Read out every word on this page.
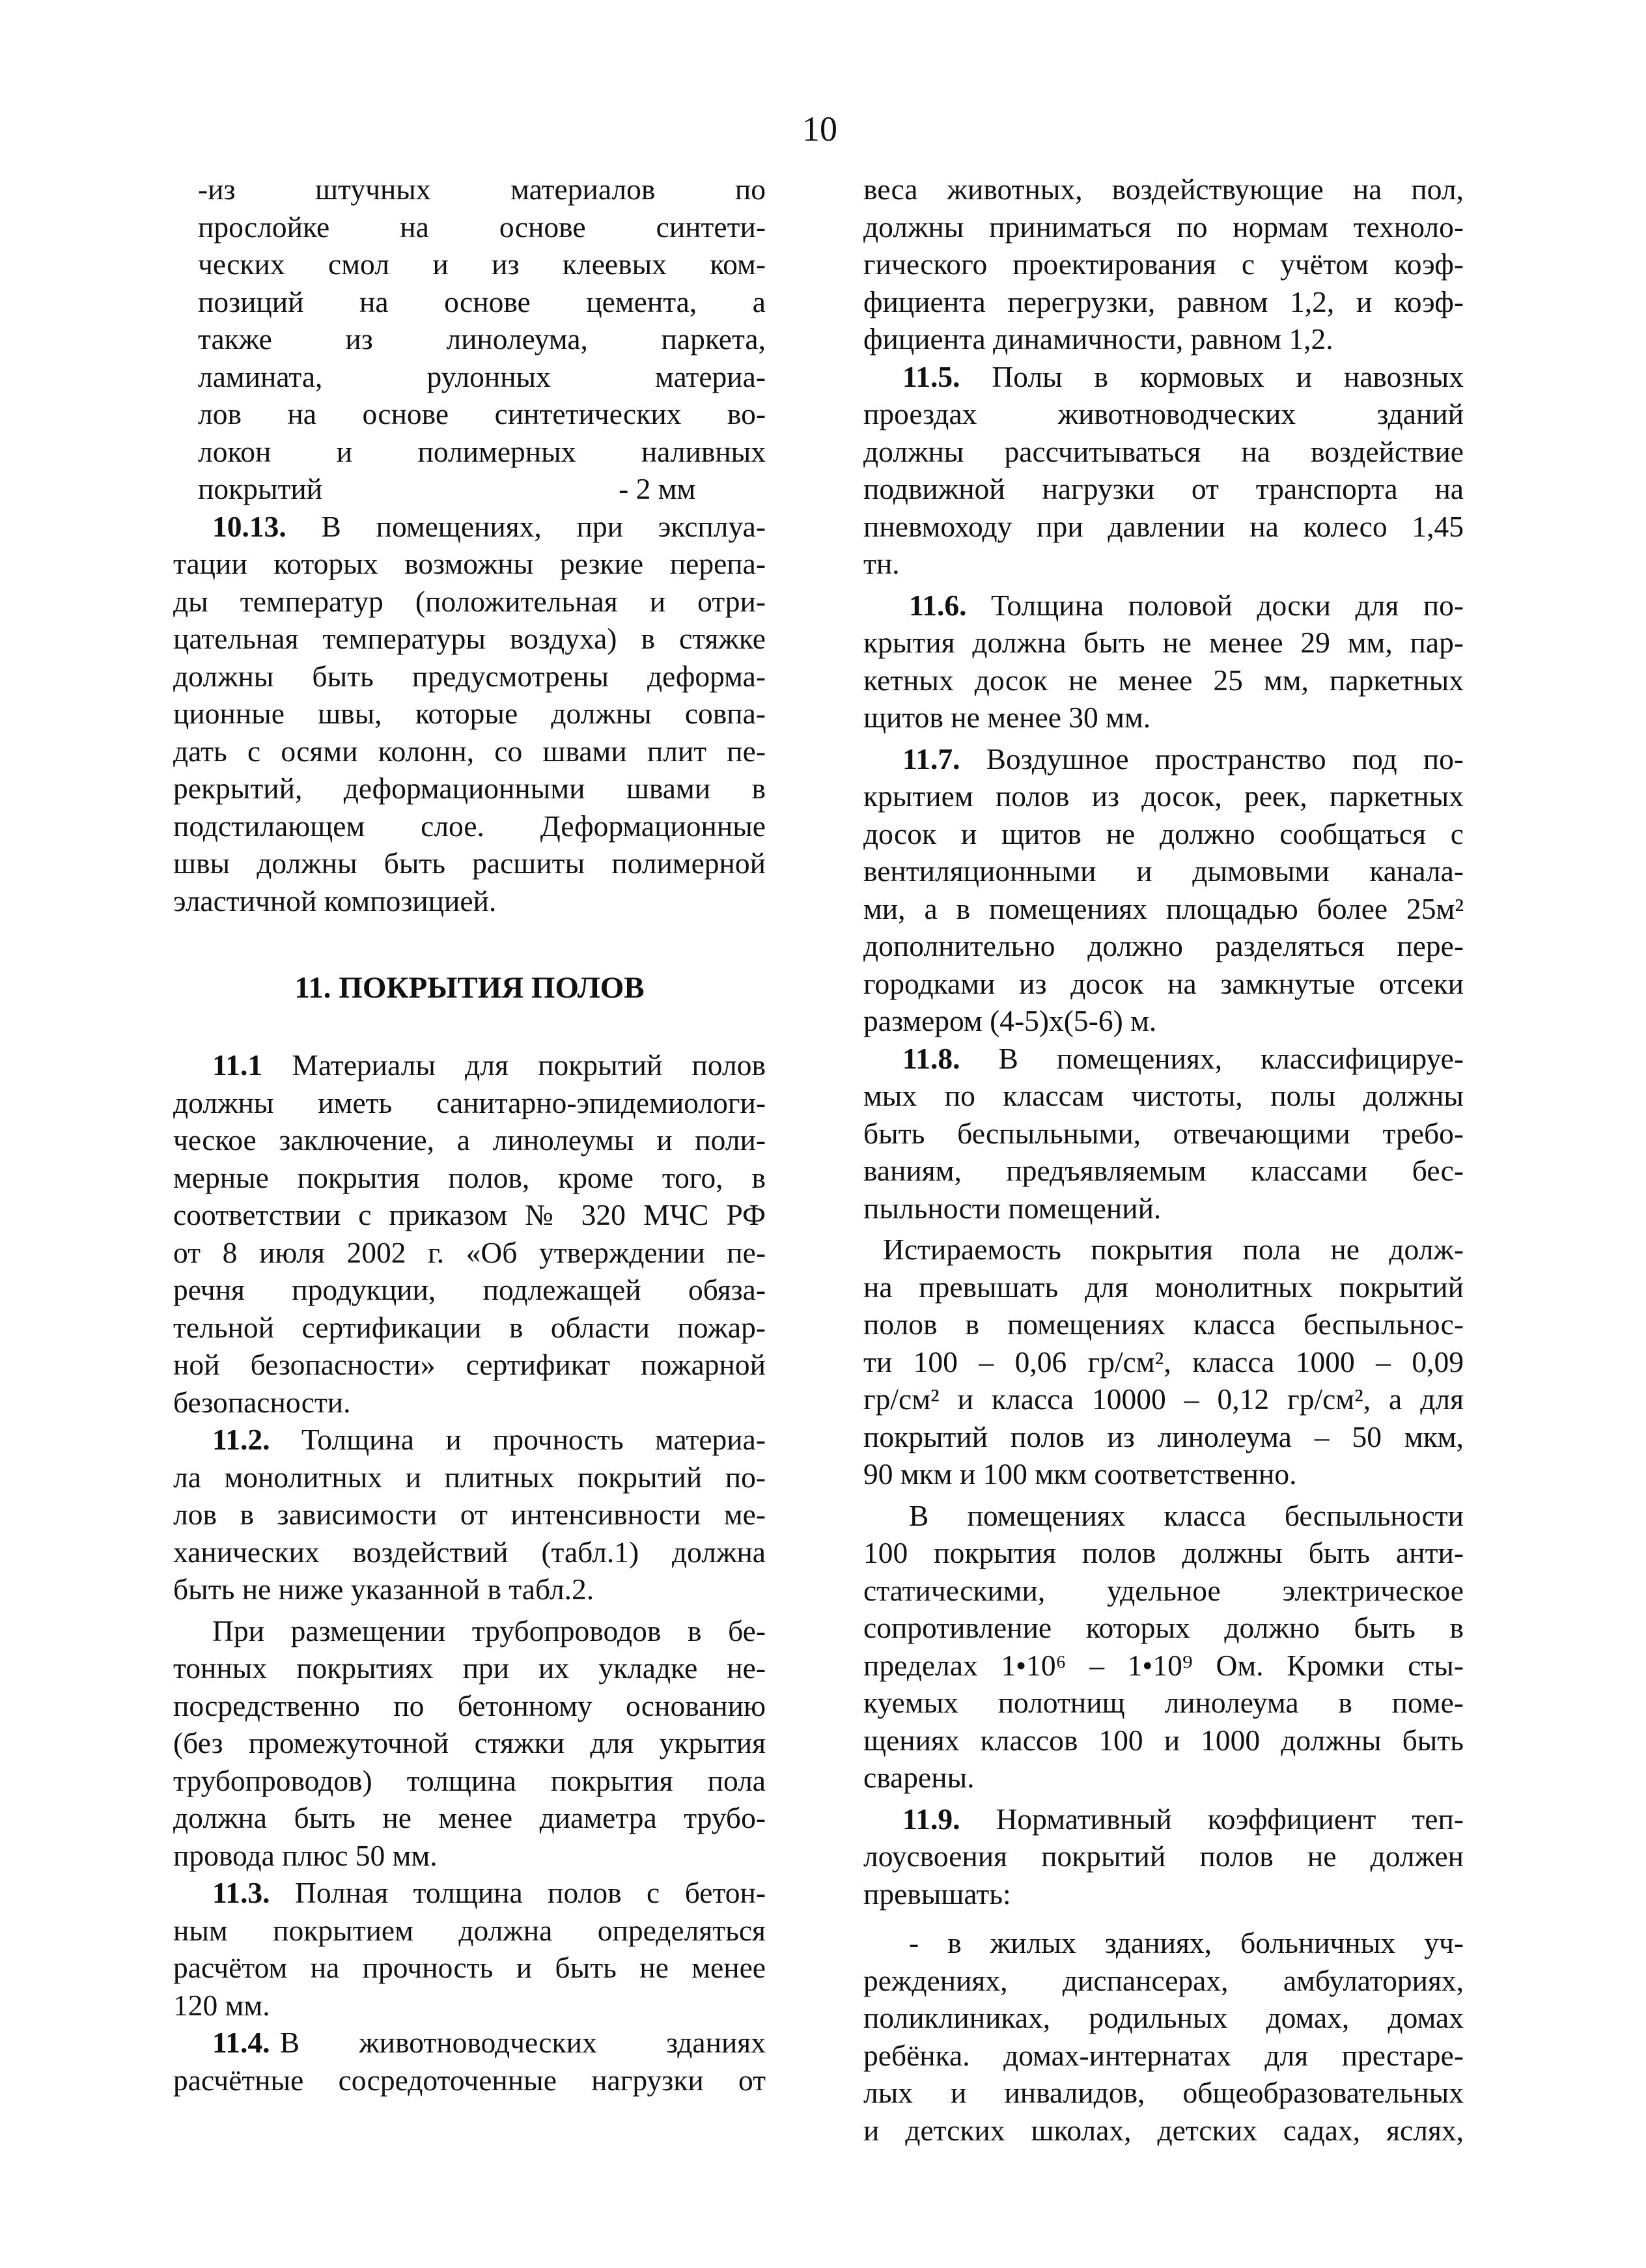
10
-из штучных материалов по
прослойке на основе синтети-
ческих смол и из клеевых ком-
позиций на основе цемента, а
также из линолеума, паркета,
ламината, рулонных материа-
лов на основе синтетических во-
локон и полимерных наливных
покрытий                                        - 2 мм
10.13. В помещениях, при эксплуа-
тации которых возможны резкие перепа-
ды температур (положительная и отри-
цательная температуры воздуха) в стяжке
должны быть предусмотрены деформа-
ционные швы, которые должны совпа-
дать с осями колонн, со швами плит пе-
рекрытий, деформационными швами в
подстилающем слое. Деформационные
швы должны быть расшиты полимерной
эластичной композицией.
11. ПОКРЫТИЯ ПОЛОВ
11.1 Материалы для покрытий полов
должны иметь санитарно-эпидемиологи-
ческое заключение, а линолеумы и поли-
мерные покрытия полов, кроме того, в
соответствии с приказом № 320 МЧС РФ
от 8 июля 2002 г. «Об утверждении пе-
речня продукции, подлежащей обяза-
тельной сертификации в области пожар-
ной безопасности» сертификат пожарной
безопасности.
11.2. Толщина и прочность материа-
ла монолитных и плитных покрытий по-
лов в зависимости от интенсивности ме-
ханических воздействий (табл.1) должна
быть не ниже указанной в табл.2.
При размещении трубопроводов в бе-
тонных покрытиях при их укладке не-
посредственно по бетонному основанию
(без промежуточной стяжки для укрытия
трубопроводов) толщина покрытия пола
должна быть не менее диаметра трубо-
провода плюс 50 мм.
11.3. Полная толщина полов с бетон-
ным покрытием должна определяться
расчётом на прочность и быть не менее
120 мм.
11.4. В      животноводческих       зданиях
расчётные сосредоточенные нагрузки от
веса животных, воздействующие на пол,
должны приниматься по нормам техноло-
гического проектирования с учётом коэф-
фициента перегрузки, равном 1,2, и коэф-
фициента динамичности, равном 1,2.
11.5. Полы в кормовых и навозных
проездах животноводческих зданий
должны рассчитываться на воздействие
подвижной нагрузки от транспорта на
пневмоходу при давлении на колесо 1,45
тн.
11.6. Толщина половой доски для по-
крытия должна быть не менее 29 мм, пар-
кетных досок не менее 25 мм, паркетных
щитов не менее 30 мм.
11.7. Воздушное пространство под по-
крытием полов из досок, реек, паркетных
досок и щитов не должно сообщаться с
вентиляционными и дымовыми канала-
ми, а в помещениях площадью более 25м²
дополнительно должно разделяться пере-
городками из досок на замкнутые отсеки
размером (4-5)х(5-6) м.
11.8. В помещениях, классифицируе-
мых по классам чистоты, полы должны
быть беспыльными, отвечающими требо-
ваниям, предъявляемым классами бес-
пыльности помещений.
Истираемость покрытия пола не долж-
на превышать для монолитных покрытий
полов в помещениях класса беспыльнос-
ти 100 – 0,06 гр/см², класса 1000 – 0,09
гр/см² и класса 10000 – 0,12 гр/см², а для
покрытий полов из линолеума – 50 мкм,
90 мкм и 100 мкм соответственно.
В помещениях класса беспыльности
100 покрытия полов должны быть анти-
статическими, удельное электрическое
сопротивление которых должно быть в
пределах 1•10⁶ – 1•10⁹ Ом. Кромки сты-
куемых полотнищ линолеума в поме-
щениях классов 100 и 1000 должны быть
сварены.
11.9. Нормативный коэффициент теп-
лоусвоения покрытий полов не должен
превышать:
- в жилых зданиях, больничных уч-
реждениях, диспансерах, амбулаториях,
поликлиниках, родильных домах, домах
ребёнка. домах-интернатах для престаре-
лых и инвалидов, общеобразовательных
и детских школах, детских садах, яслях,
